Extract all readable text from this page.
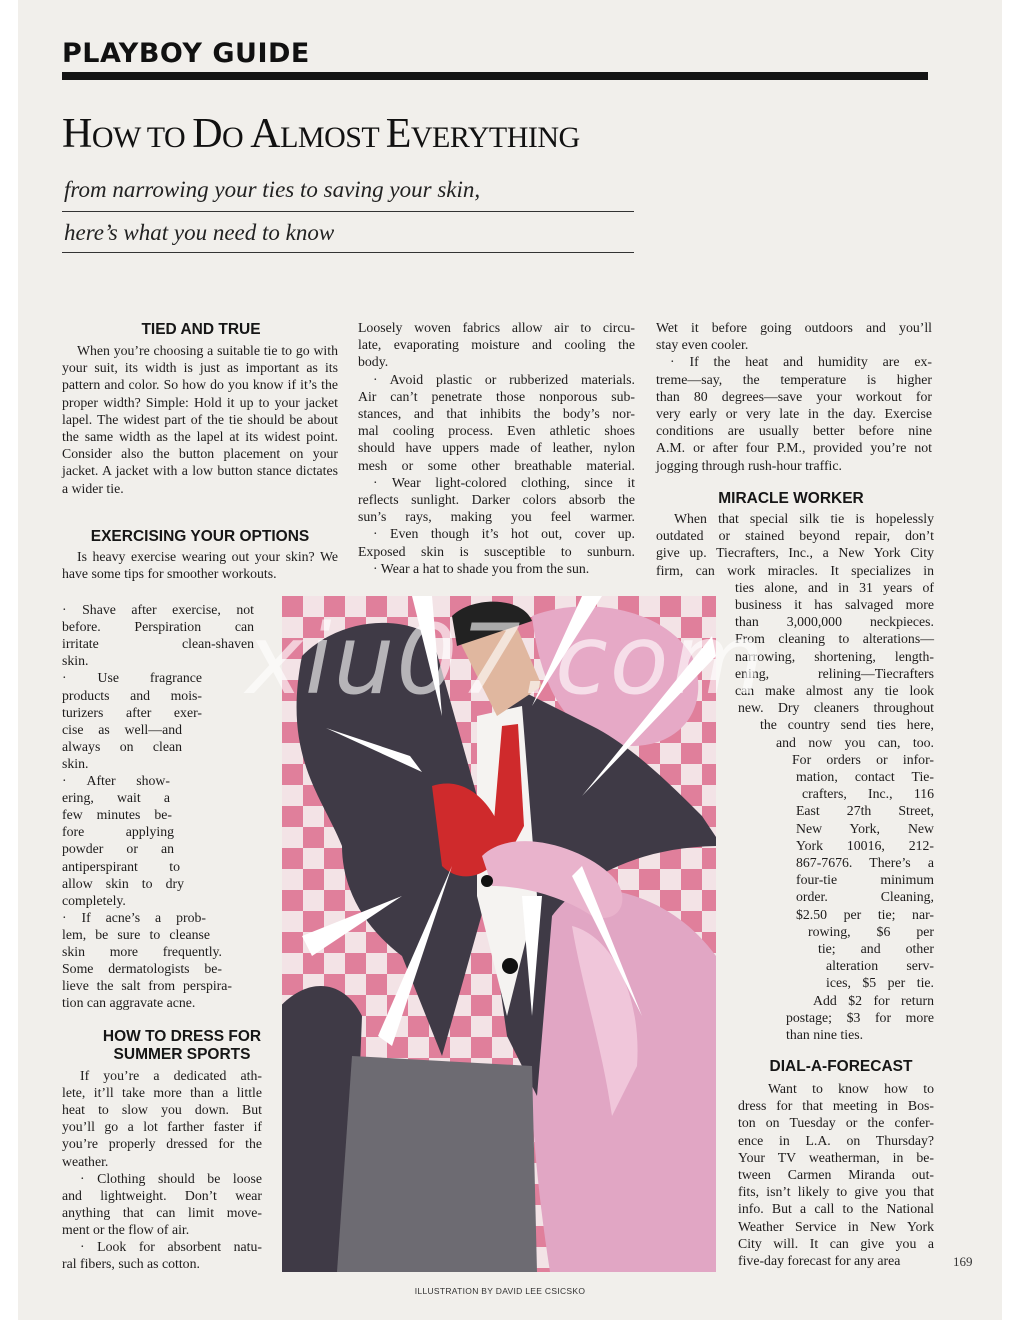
PLAYBOY GUIDE
HOW TO DO ALMOST EVERYTHING
from narrowing your ties to saving your skin,
here’s what you need to know
TIED AND TRUE

When you’re choosing a suitable tie to go with your suit, its width is just as important as its pattern and color. So how do you know if it’s the proper width? Simple: Hold it up to your jacket lapel. The widest part of the tie should be about the same width as the lapel at its widest point. Consider also the button placement on your jacket. A jacket with a low button stance dictates a wider tie.

EXERCISING YOUR OPTIONS

Is heavy exercise wearing out your skin? We have some tips for smoother workouts.

· Shave after exercise, not
before. Perspiration can
irritate clean-shaven
skin.
· Use fragrance
products and mois-
turizers after exer-
cise as well—and
always on clean
skin.
· After show-
ering, wait a
few minutes be-
fore applying
powder or an
antiperspirant to
allow skin to dry
completely.
· If acne’s a prob-
lem, be sure to cleanse
skin more frequently.
Some dermatologists be-
lieve the salt from perspira-
tion can aggravate acne.
HOW TO DRESS FOR
SUMMER SPORTS
If you’re a dedicated ath-
lete, it’ll take more than a little
heat to slow you down. But
you’ll go a lot farther faster if
you’re properly dressed for the
weather.
· Clothing should be loose
and lightweight. Don’t wear
anything that can limit move-
ment or the flow of air.
· Look for absorbent natu-
ral fibers, such as cotton.
Loosely woven fabrics allow air to circu-
late, evaporating moisture and cooling the
body.
· Avoid plastic or rubberized materials.
Air can’t penetrate those nonporous sub-
stances, and that inhibits the body’s nor-
mal cooling process. Even athletic shoes
should have uppers made of leather, nylon
mesh or some other breathable material.
· Wear light-colored clothing, since it
reflects sunlight. Darker colors absorb the
sun’s rays, making you feel warmer.
· Even though it’s hot out, cover up.
Exposed skin is susceptible to sunburn.
· Wear a hat to shade you from the sun.
Wet it before going outdoors and you’ll
stay even cooler.
· If the heat and humidity are ex-
treme—say, the temperature is higher
than 80 degrees—save your workout for
very early or very late in the day. Exercise
conditions are usually better before nine
A.M. or after four P.M., provided you’re not
jogging through rush-hour traffic.
MIRACLE WORKER
When that special silk tie is hopelessly
outdated or stained beyond repair, don’t
give up. Tiecrafters, Inc., a New York City
firm, can work miracles. It specializes in
ties alone, and in 31 years of
business it has salvaged more
than 3,000,000 neckpieces.
From cleaning to alterations—
narrowing, shortening, length-
ening, relining—Tiecrafters
can make almost any tie look
new. Dry cleaners throughout
the country send ties here,
and now you can, too.
For orders or infor-
mation, contact Tie-
crafters, Inc., 116
East 27th Street,
New York, New
York 10016, 212-
867-7676. There’s a
four-tie minimum
order. Cleaning,
$2.50 per tie; nar-
rowing, $6 per
tie; and other
alteration serv-
ices, $5 per tie.
Add $2 for return
postage; $3 for more
than nine ties.
DIAL-A-FORECAST
Want to know how to
dress for that meeting in Bos-
ton on Tuesday or the confer-
ence in L.A. on Thursday?
Your TV weatherman, in be-
tween Carmen Miranda out-
fits, isn’t likely to give you that
info. But a call to the National
Weather Service in New York
City will. It can give you a
five-day forecast for any area	169
ILLUSTRATION BY DAVID LEE CSICSKO
xiu07.com
